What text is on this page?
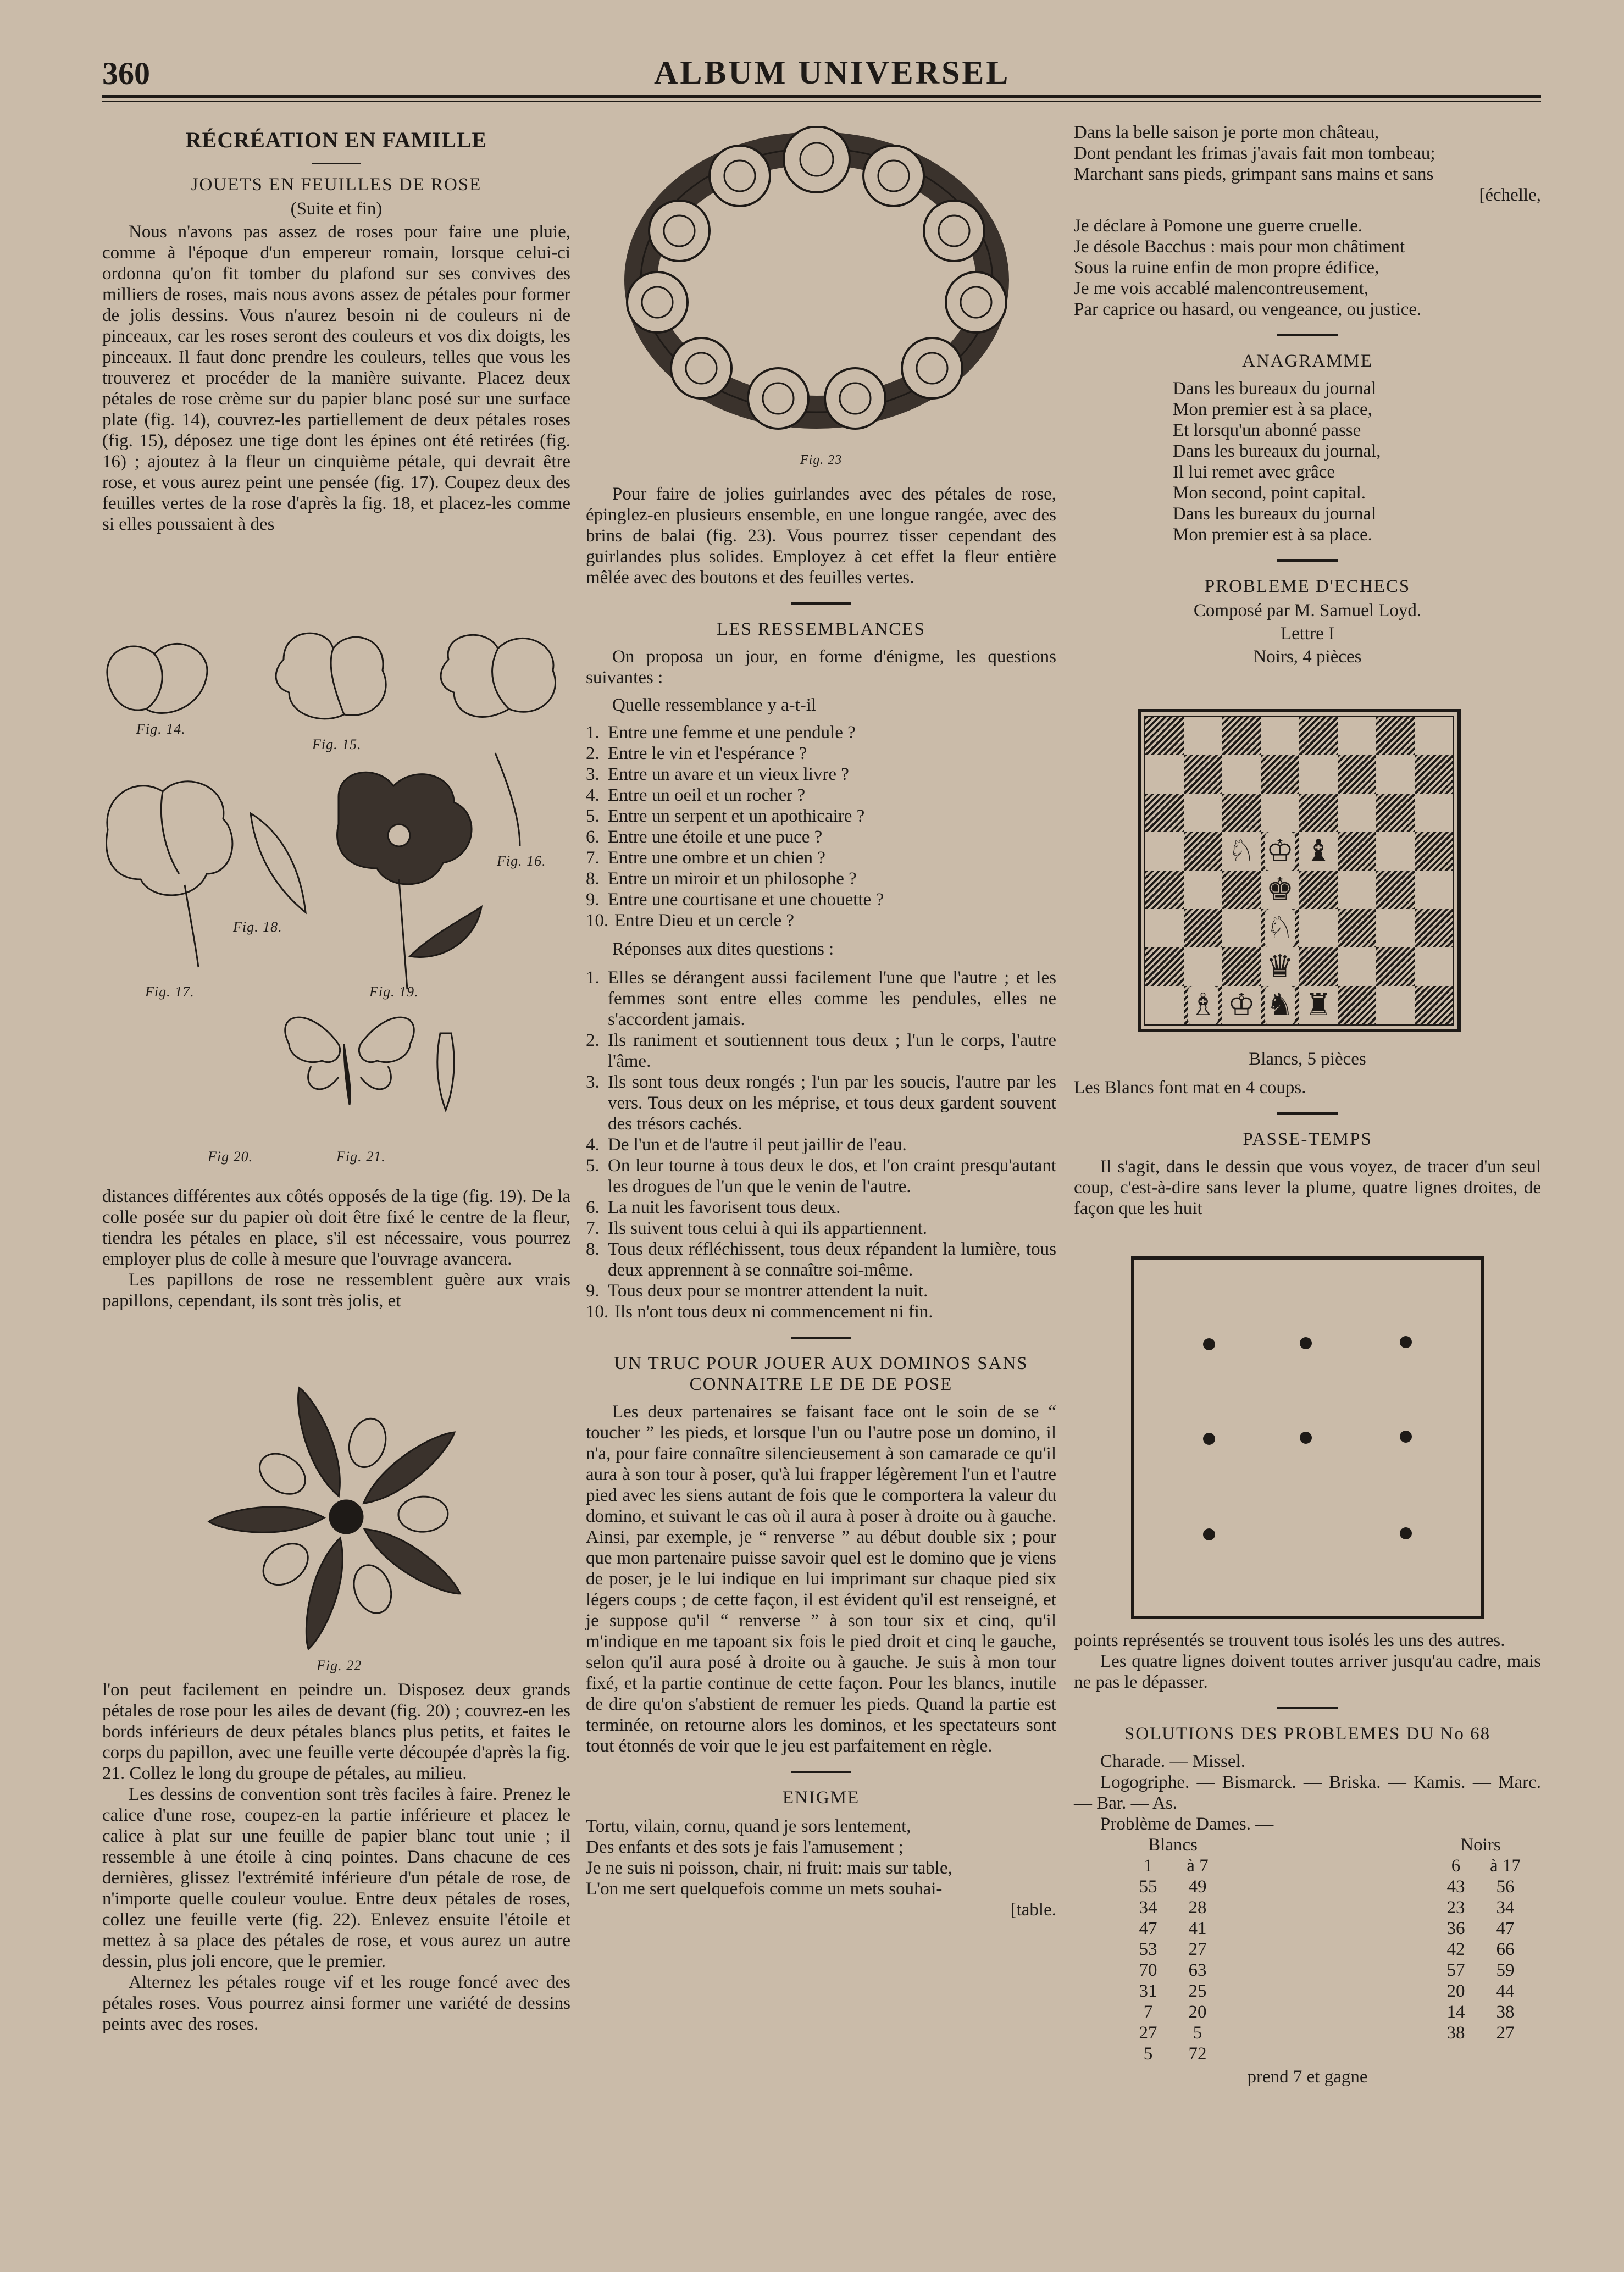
360	ALBUM UNIVERSEL
RÉCRÉATION EN FAMILLE
JOUETS EN FEUILLES DE ROSE
(Suite et fin)

Nous n'avons pas assez de roses pour faire une pluie, comme à l'époque d'un empereur romain, lorsque celui-ci ordonna qu'on fit tomber du plafond sur ses convives des milliers de roses, mais nous avons assez de pétales pour former de jolis dessins. Vous n'aurez besoin ni de couleurs ni de pinceaux, car les roses seront des couleurs et vos dix doigts, les pinceaux. Il faut donc prendre les couleurs, telles que vous les trouverez et procéder de la manière suivante. Placez deux pétales de rose crème sur du papier blanc posé sur une surface plate (fig. 14), couvrez-les partiellement de deux pétales roses (fig. 15), déposez une tige dont les épines ont été retirées (fig. 16) ; ajoutez à la fleur un cinquième pétale, qui devrait être rose, et vous aurez peint une pensée (fig. 17). Coupez deux des feuilles vertes de la rose d'après la fig. 18, et placez-les comme si elles poussaient à des

Fig. 14.
Fig. 15.
Fig. 16.
Fig. 18.
Fig. 17.	Fig. 19.
Fig 20.	Fig. 21.

distances différentes aux côtés opposés de la tige (fig. 19). De la colle posée sur du papier où doit être fixé le centre de la fleur, tiendra les pétales en place, s'il est nécessaire, vous pourrez employer plus de colle à mesure que l'ouvrage avancera.

Les papillons de rose ne ressemblent guère aux vrais papillons, cependant, ils sont très jolis, et

Fig. 22

l'on peut facilement en peindre un. Disposez deux grands pétales de rose pour les ailes de devant (fig. 20) ; couvrez-en les bords inférieurs de deux pétales blancs plus petits, et faites le corps du papillon, avec une feuille verte découpée d'après la fig. 21. Collez le long du groupe de pétales, au milieu.

Les dessins de convention sont très faciles à faire. Prenez le calice d'une rose, coupez-en la partie inférieure et placez le calice à plat sur une feuille de papier blanc tout unie ; il ressemble à une étoile à cinq pointes. Dans chacune de ces dernières, glissez l'extrémité inférieure d'un pétale de rose, de n'importe quelle couleur voulue. Entre deux pétales de roses, collez une feuille verte (fig. 22). Enlevez ensuite l'étoile et mettez à sa place des pétales de rose, et vous aurez un autre dessin, plus joli encore, que le premier.

Alternez les pétales rouge vif et les rouge foncé avec des pétales roses. Vous pourrez ainsi former une variété de dessins peints avec des roses.

Fig. 23

Pour faire de jolies guirlandes avec des pétales de rose, épinglez-en plusieurs ensemble, en une longue rangée, avec des brins de balai (fig. 23). Vous pourrez tisser cependant des guirlandes plus solides. Employez à cet effet la fleur entière mêlée avec des boutons et des feuilles vertes.

LES RESSEMBLANCES

On proposa un jour, en forme d'énigme, les questions suivantes :

Quelle ressemblance y a-t-il

1. Entre une femme et une pendule ?
2. Entre le vin et l'espérance ?
3. Entre un avare et un vieux livre ?
4. Entre un oeil et un rocher ?
5. Entre un serpent et un apothicaire ?
6. Entre une étoile et une puce ?
7. Entre une ombre et un chien ?
8. Entre un miroir et un philosophe ?
9. Entre une courtisane et une chouette ?
10. Entre Dieu et un cercle ?

Réponses aux dites questions :

1. Elles se dérangent aussi facilement l'une que l'autre ; et les femmes sont entre elles comme les pendules, elles ne s'accordent jamais.
2. Ils raniment et soutiennent tous deux ; l'un le corps, l'autre l'âme.
3. Ils sont tous deux rongés ; l'un par les soucis, l'autre par les vers. Tous deux on les méprise, et tous deux gardent souvent des trésors cachés.
4. De l'un et de l'autre il peut jaillir de l'eau.
5. On leur tourne à tous deux le dos, et l'on craint presqu'autant les drogues de l'un que le venin de l'autre.
6. La nuit les favorisent tous deux.
7. Ils suivent tous celui à qui ils appartiennent.
8. Tous deux réfléchissent, tous deux répandent la lumière, tous deux apprennent à se connaître soi-même.
9. Tous deux pour se montrer attendent la nuit.
10. Ils n'ont tous deux ni commencement ni fin.
UN TRUC POUR JOUER AUX DOMINOS SANS CONNAITRE LE DE DE POSE

Les deux partenaires se faisant face ont le soin de se “ toucher ” les pieds, et lorsque l'un ou l'autre pose un domino, il n'a, pour faire connaître silencieusement à son camarade ce qu'il aura à son tour à poser, qu'à lui frapper légèrement l'un et l'autre pied avec les siens autant de fois que le comportera la valeur du domino, et suivant le cas où il aura à poser à droite ou à gauche. Ainsi, par exemple, je “ renverse ” au début double six ; pour que mon partenaire puisse savoir quel est le domino que je viens de poser, je le lui indique en lui imprimant sur chaque pied six légers coups ; de cette façon, il est évident qu'il est renseigné, et je suppose qu'il “ renverse ” à son tour six et cinq, qu'il m'indique en me tapoant six fois le pied droit et cinq le gauche, selon qu'il aura posé à droite ou à gauche. Je suis à mon tour fixé, et la partie continue de cette façon. Pour les blancs, inutile de dire qu'on s'abstient de remuer les pieds. Quand la partie est terminée, on retourne alors les dominos, et les spectateurs sont tout étonnés de voir que le jeu est parfaitement en règle.

ENIGME

Tortu, vilain, cornu, quand je sors lentement,

Des enfants et des sots je fais l'amusement ;

Je ne suis ni poisson, chair, ni fruit: mais sur table,

L'on me sert quelquefois comme un mets souhai-

[table.

Dans la belle saison je porte mon château,

Dont pendant les frimas j'avais fait mon tombeau;

Marchant sans pieds, grimpant sans mains et sans

[échelle,

Je déclare à Pomone une guerre cruelle.

Je désole Bacchus : mais pour mon châtiment

Sous la ruine enfin de mon propre édifice,

Je me vois accablé malencontreusement,

Par caprice ou hasard, ou vengeance, ou justice.

ANAGRAMME

Dans les bureaux du journal

Mon premier est à sa place,

Et lorsqu'un abonné passe

Dans les bureaux du journal,

Il lui remet avec grâce

Mon second, point capital.

Dans les bureaux du journal

Mon premier est à sa place.

PROBLEME D'ECHECS
Composé par M. Samuel Loyd.
Lettre I
Noirs, 4 pièces
♘ ♔ ♝
♚
♘
♛
♗ ♔ ♞ ♜
Blancs, 5 pièces

Les Blancs font mat en 4 coups.

PASSE-TEMPS

Il s'agit, dans le dessin que vous voyez, de tracer d'un seul coup, c'est-à-dire sans lever la plume, quatre lignes droites, de façon que les huit

points représentés se trouvent tous isolés les uns des autres.

Les quatre lignes doivent toutes arriver jusqu'au cadre, mais ne pas le dépasser.

SOLUTIONS DES PROBLEMES DU No 68

Charade. — Missel.

Logogriphe. — Bismarck. — Briska. — Kamis. — Marc. — Bar. — As.

Problème de Dames. —

Blancs	Noirs
1	à 7	6	à 17
55	49	43	56
34	28	23	34
47	41	36	47
53	27	42	66
70	63	57	59
31	25	20	44
7	20	14	38
27	5	38	27
5	72
prend 7 et gagne
